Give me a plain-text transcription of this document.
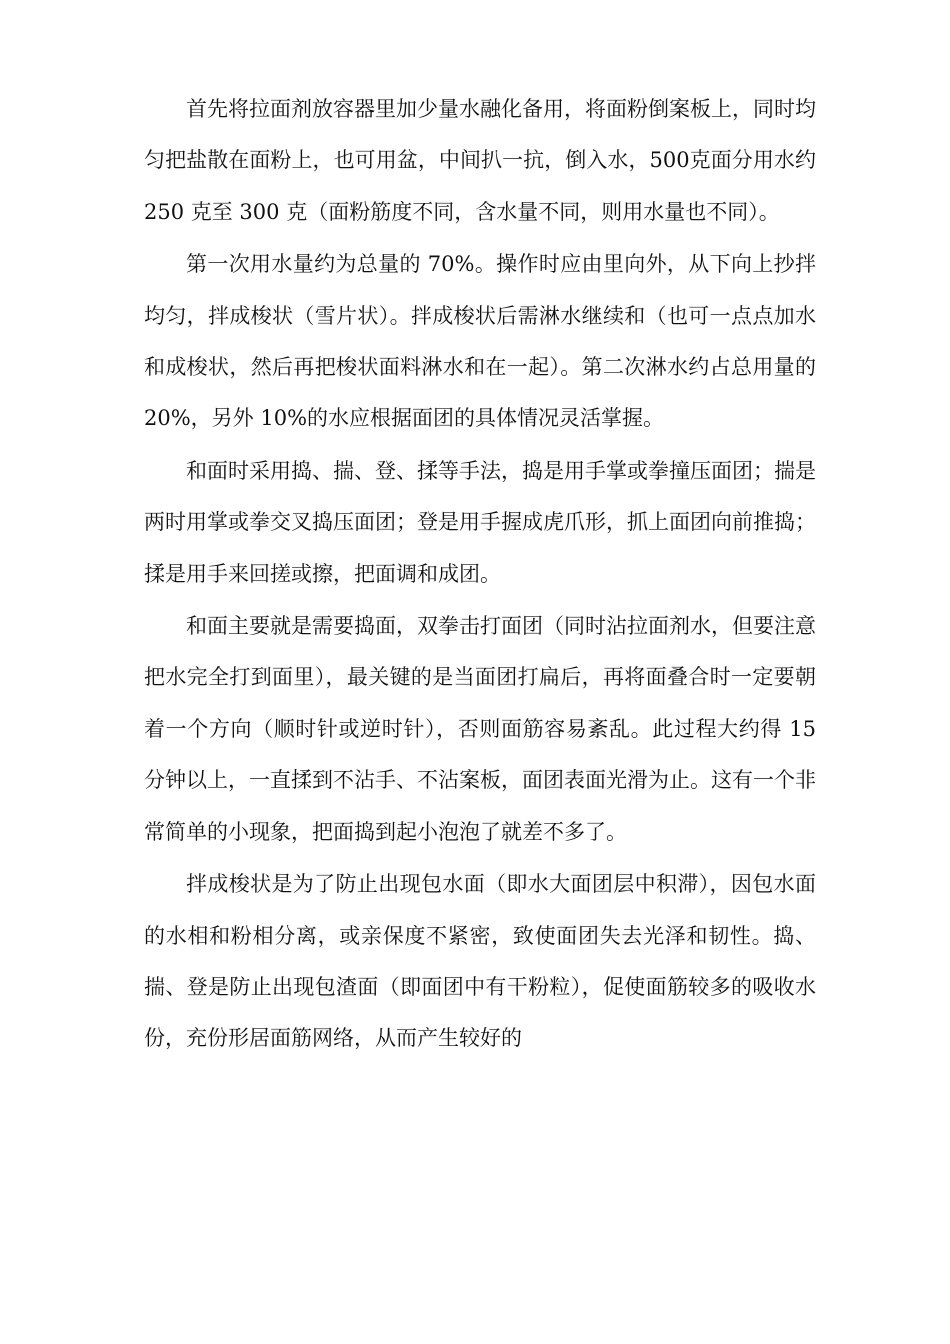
首先将拉面剂放容器里加少量水融化备用，将面粉倒案板上，同时均匀把盐散在面粉上，也可用盆，中间扒一抗，倒入水，500克面分用水约 250 克至 300 克（面粉筋度不同，含水量不同，则用水量也不同）。

第一次用水量约为总量的 70%。操作时应由里向外，从下向上抄拌均匀，拌成梭状（雪片状）。拌成梭状后需淋水继续和（也可一点点加水和成梭状，然后再把梭状面料淋水和在一起）。第二次淋水约占总用量的 20%，另外 10%的水应根据面团的具体情况灵活掌握。

和面时采用捣、揣、登、揉等手法，捣是用手掌或拳撞压面团；揣是两时用掌或拳交叉捣压面团；登是用手握成虎爪形，抓上面团向前推捣；揉是用手来回搓或擦，把面调和成团。

和面主要就是需要捣面，双拳击打面团（同时沾拉面剂水，但要注意把水完全打到面里），最关键的是当面团打扁后，再将面叠合时一定要朝着一个方向（顺时针或逆时针），否则面筋容易紊乱。此过程大约得 15 分钟以上，一直揉到不沾手、不沾案板，面团表面光滑为止。这有一个非常简单的小现象，把面捣到起小泡泡了就差不多了。

拌成梭状是为了防止出现包水面（即水大面团层中积滞），因包水面的水相和粉相分离，或亲保度不紧密，致使面团失去光泽和韧性。捣、揣、登是防止出现包渣面（即面团中有干粉粒），促使面筋较多的吸收水份，充份形居面筋网络，从而产生较好的
